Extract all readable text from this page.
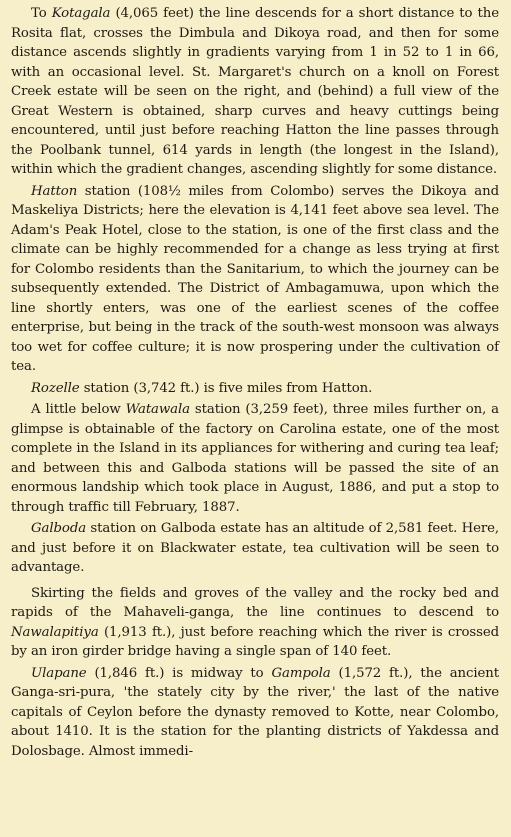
To Kotagala (4,065 feet) the line descends for a short distance to the Rosita flat, crosses the Dimbula and Dikoya road, and then for some distance ascends slightly in gradients varying from 1 in 52 to 1 in 66, with an occasional level. St. Margaret's church on a knoll on Forest Creek estate will be seen on the right, and (behind) a full view of the Great Western is obtained, sharp curves and heavy cuttings being encountered, until just before reaching Hatton the line passes through the Poolbank tunnel, 614 yards in length (the longest in the Island), within which the gradient changes, ascending slightly for some distance.

Hatton station (108½ miles from Colombo) serves the Dikoya and Maskeliya Districts; here the elevation is 4,141 feet above sea level. The Adam's Peak Hotel, close to the station, is one of the first class and the climate can be highly recommended for a change as less trying at first for Colombo residents than the Sanitarium, to which the journey can be subsequently extended. The District of Ambagamuwa, upon which the line shortly enters, was one of the earliest scenes of the coffee enterprise, but being in the track of the south-west monsoon was always too wet for coffee culture; it is now prospering under the cultivation of tea.

Rozelle station (3,742 ft.) is five miles from Hatton.

A little below Watawala station (3,259 feet), three miles further on, a glimpse is obtainable of the factory on Carolina estate, one of the most complete in the Island in its appliances for withering and curing tea leaf; and between this and Galboda stations will be passed the site of an enormous landship which took place in August, 1886, and put a stop to through traffic till February, 1887.

Galboda station on Galboda estate has an altitude of 2,581 feet. Here, and just before it on Blackwater estate, tea cultivation will be seen to advantage.

Skirting the fields and groves of the valley and the rocky bed and rapids of the Mahaveli-ganga, the line continues to descend to Nawalapitiya (1,913 ft.), just before reaching which the river is crossed by an iron girder bridge having a single span of 140 feet.

Ulapane (1,846 ft.) is midway to Gampola (1,572 ft.), the ancient Ganga-sri-pura, 'the stately city by the river,' the last of the native capitals of Ceylon before the dynasty removed to Kotte, near Colombo, about 1410. It is the station for the planting districts of Yakdessa and Dolosbage. Almost immedi-
